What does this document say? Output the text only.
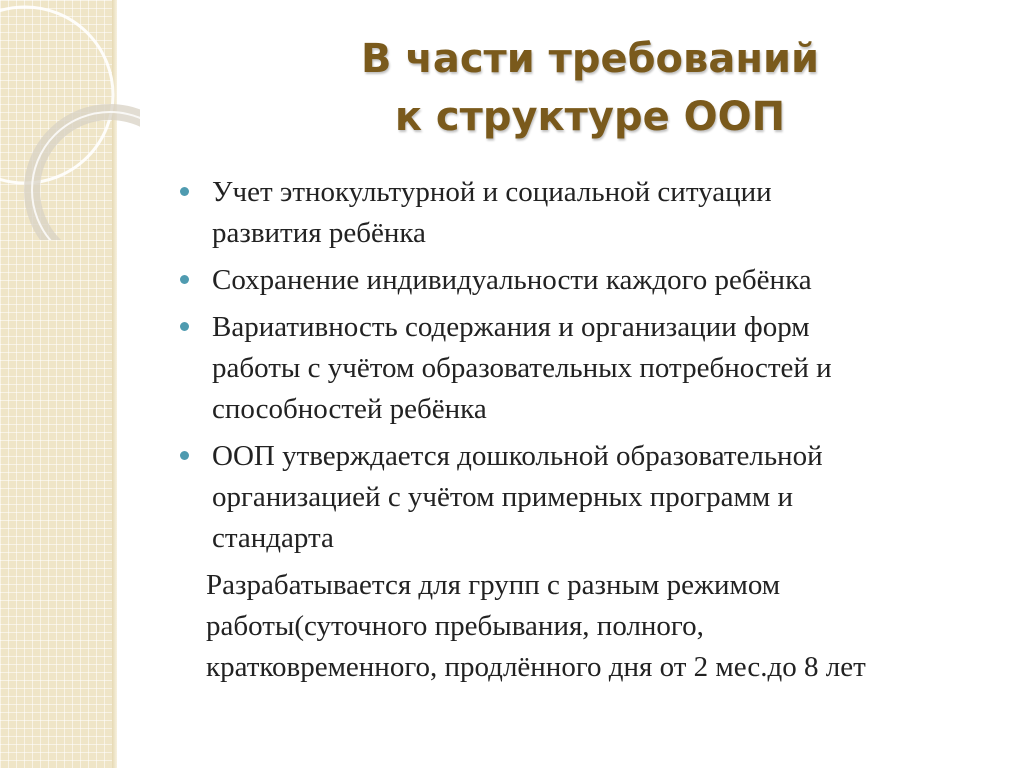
В части требований
к структуре ООП
Учет этнокультурной и социальной ситуации
развития ребёнка
Сохранение индивидуальности каждого ребёнка
Вариативность содержания и организации форм
работы с учётом образовательных потребностей и
способностей ребёнка
ООП утверждается дошкольной образовательной
организацией с учётом примерных программ и
стандарта
Разрабатывается для групп с разным режимом
работы(суточного пребывания, полного,
кратковременного, продлённого дня от 2 мес.до 8 лет
